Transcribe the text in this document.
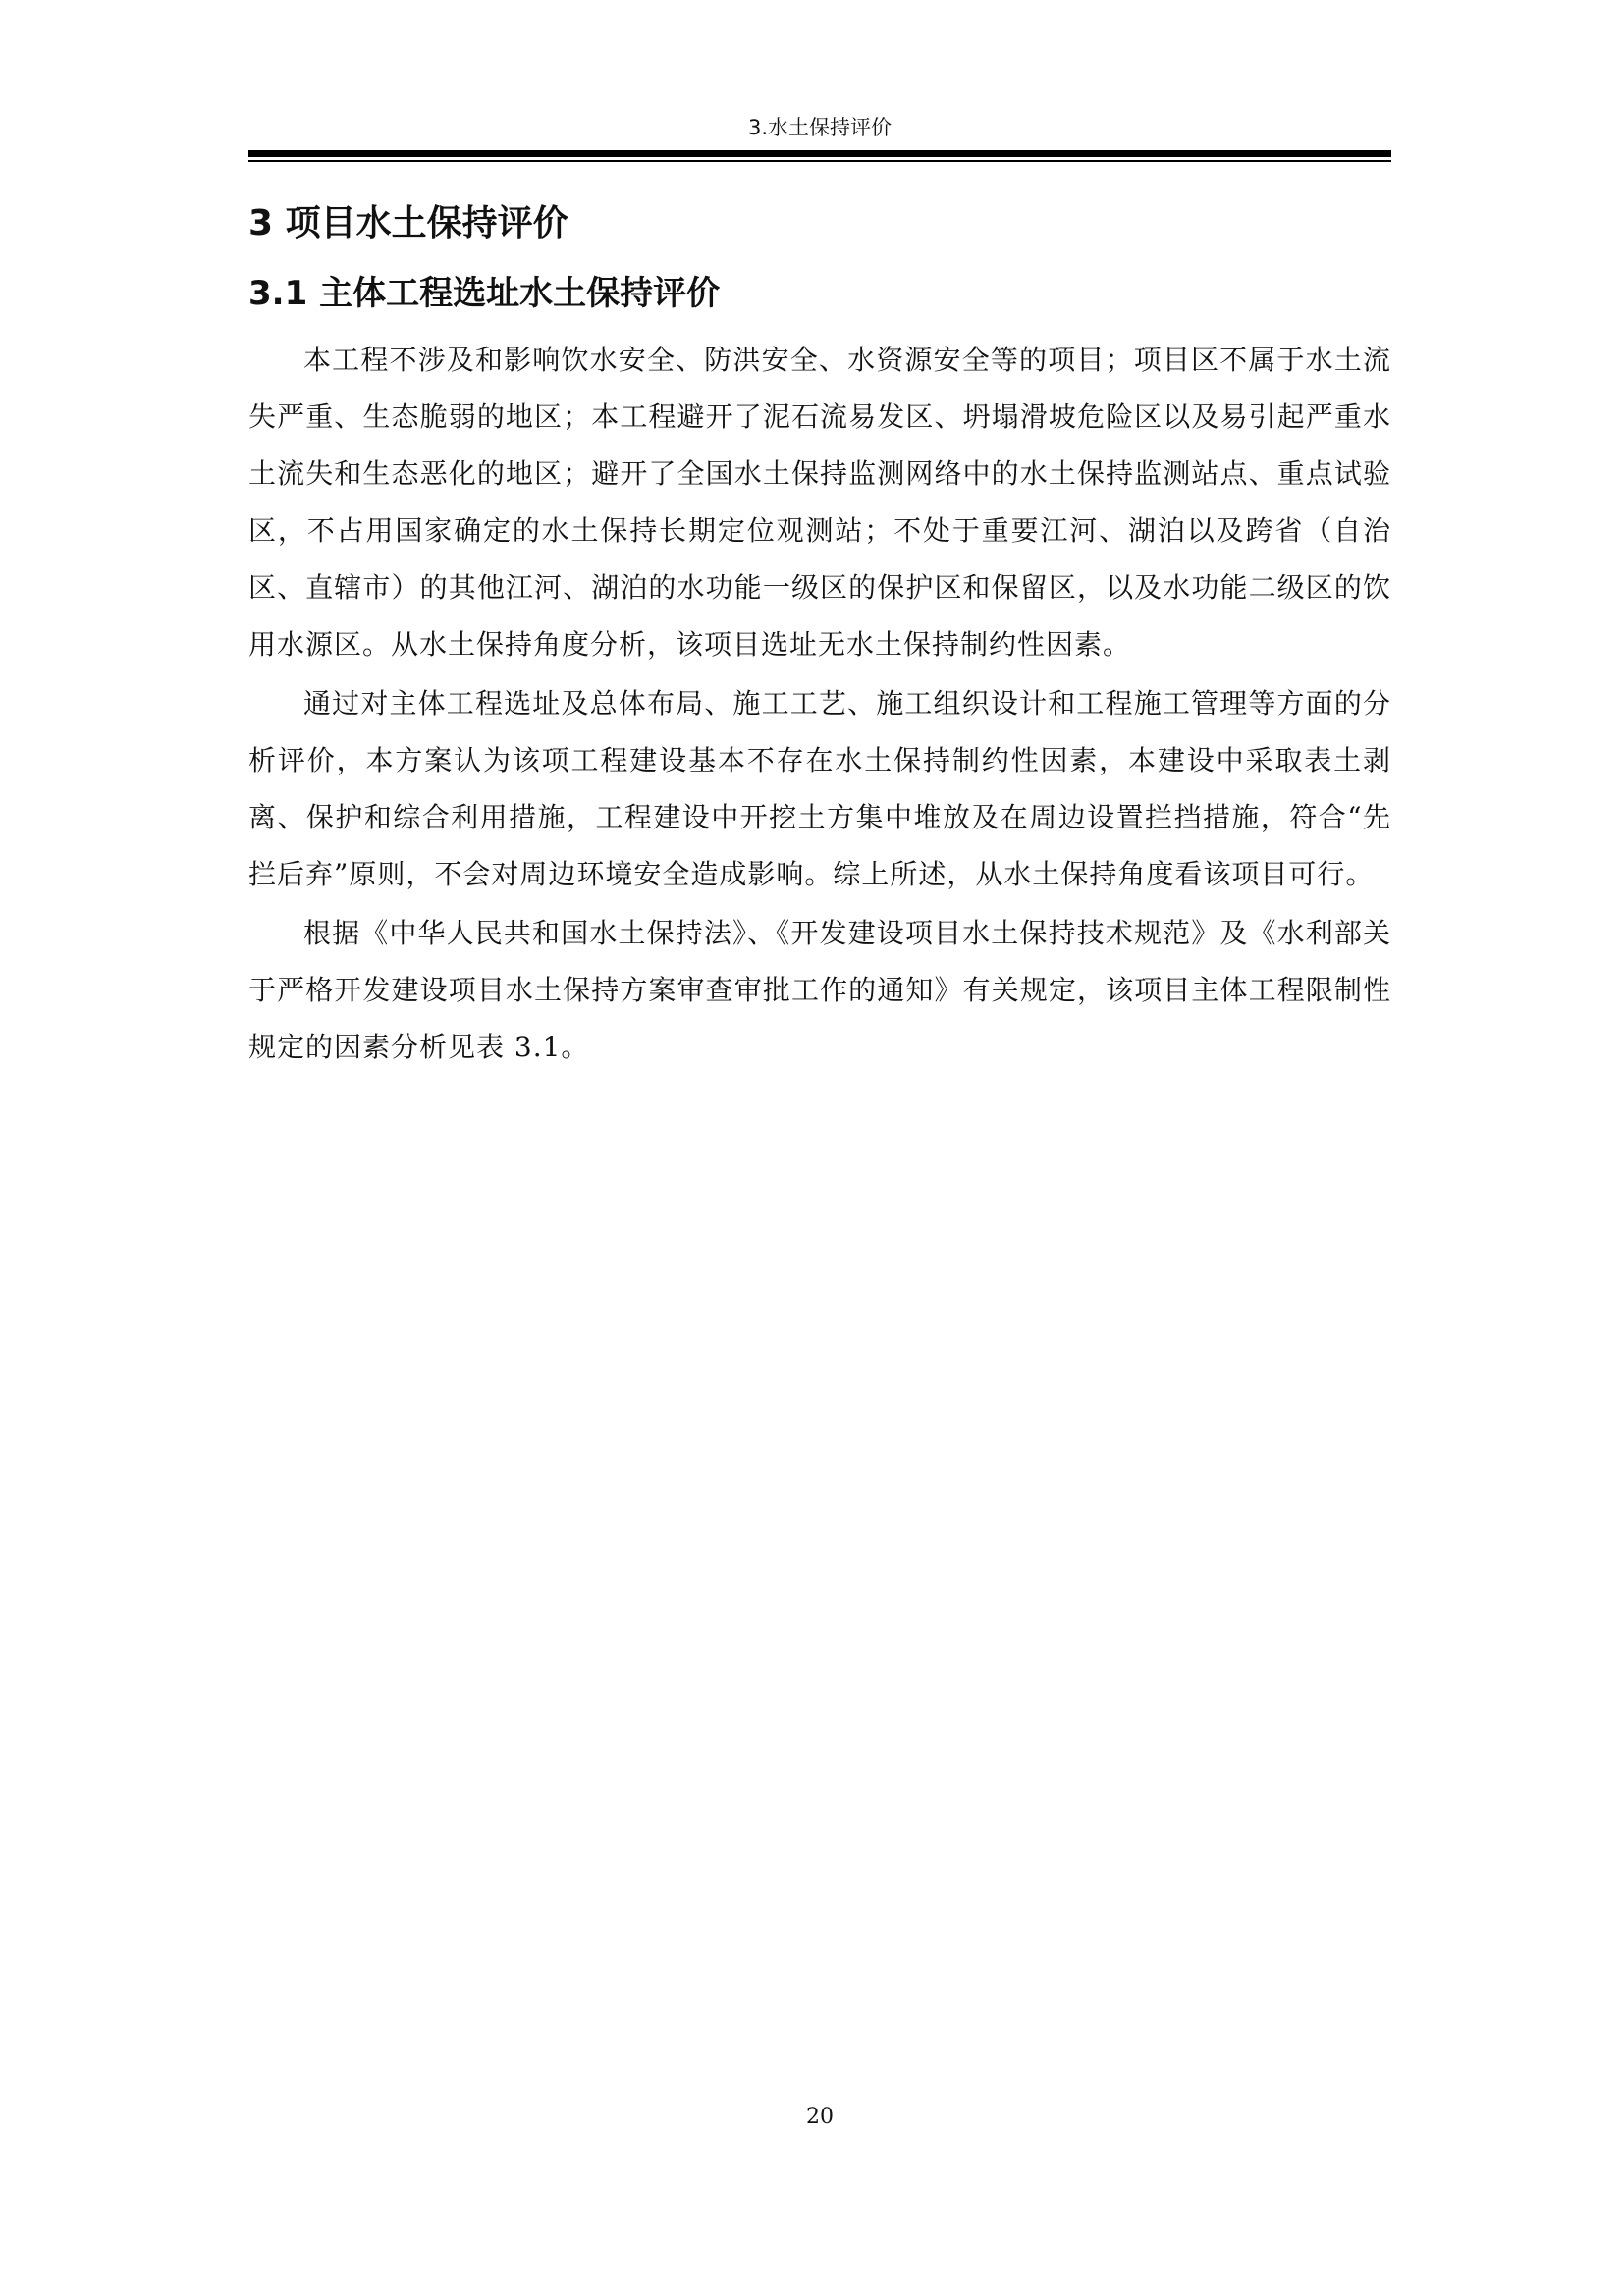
3.水土保持评价
3 项目水土保持评价
3.1 主体工程选址水土保持评价

本工程不涉及和影响饮水安全、防洪安全、水资源安全等的项目；项目区不属于水土流失严重、生态脆弱的地区；本工程避开了泥石流易发区、坍塌滑坡危险区以及易引起严重水土流失和生态恶化的地区；避开了全国水土保持监测网络中的水土保持监测站点、重点试验区，不占用国家确定的水土保持长期定位观测站；不处于重要江河、湖泊以及跨省（自治区、直辖市）的其他江河、湖泊的水功能一级区的保护区和保留区，以及水功能二级区的饮用水源区。从水土保持角度分析，该项目选址无水土保持制约性因素。

通过对主体工程选址及总体布局、施工工艺、施工组织设计和工程施工管理等方面的分析评价，本方案认为该项工程建设基本不存在水土保持制约性因素，本建设中采取表土剥离、保护和综合利用措施，工程建设中开挖土方集中堆放及在周边设置拦挡措施，符合“先拦后弃”原则，不会对周边环境安全造成影响。综上所述，从水土保持角度看该项目可行。

根据《中华人民共和国水土保持法》、《开发建设项目水土保持技术规范》及《水利部关于严格开发建设项目水土保持方案审查审批工作的通知》有关规定，该项目主体工程限制性规定的因素分析见表 3.1。

20
